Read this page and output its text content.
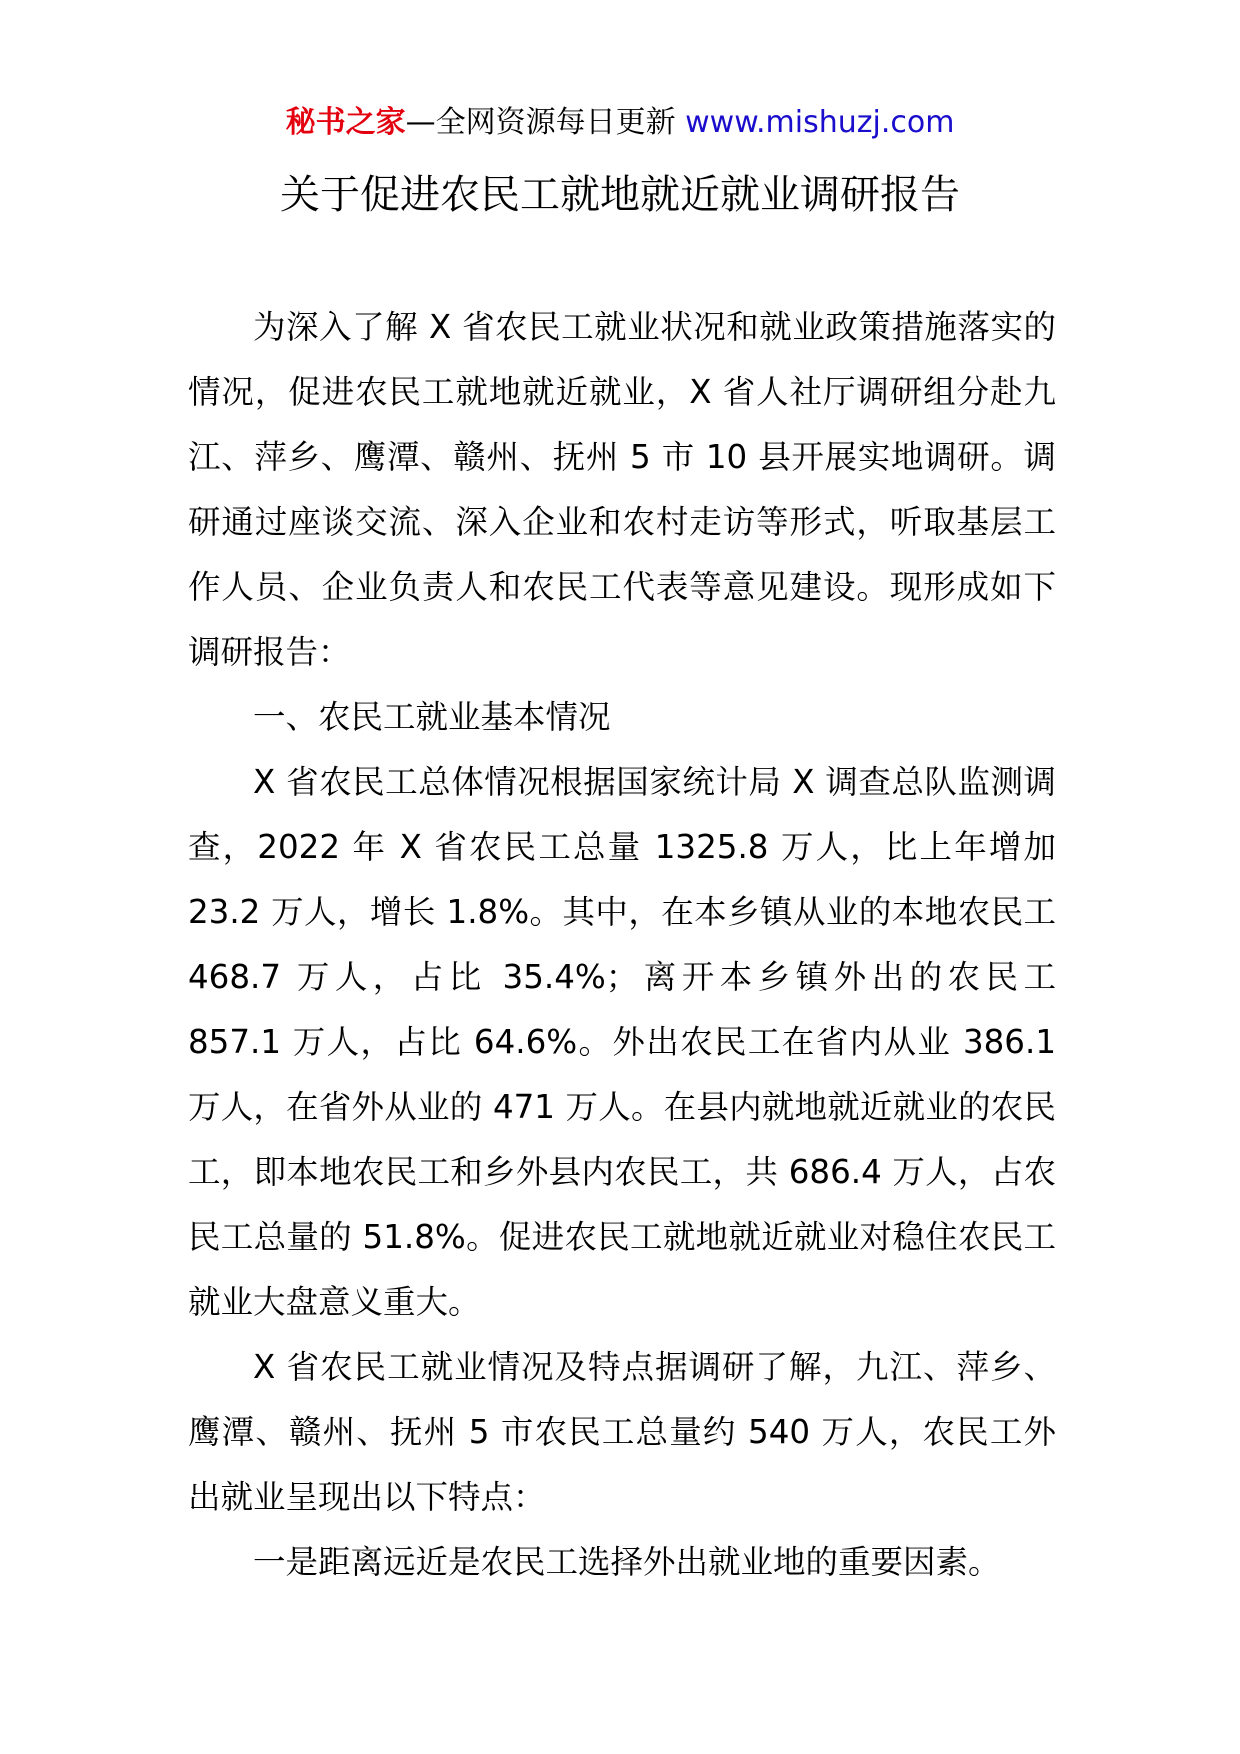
秘书之家—全网资源每日更新 www.mishuzj.com
关于促进农民工就地就近就业调研报告

为深入了解 X 省农民工就业状况和就业政策措施落实的情况，促进农民工就地就近就业，X 省人社厅调研组分赴九江、萍乡、鹰潭、赣州、抚州 5 市 10 县开展实地调研。调研通过座谈交流、深入企业和农村走访等形式，听取基层工作人员、企业负责人和农民工代表等意见建设。现形成如下调研报告：

一、农民工就业基本情况

X 省农民工总体情况根据国家统计局 X 调查总队监测调查，2022 年 X 省农民工总量 1325.8 万人，比上年增加 23.2 万人，增长 1.8%。其中，在本乡镇从业的本地农民工 468.7 万人，占比 35.4%；离开本乡镇外出的农民工 857.1 万人，占比 64.6%。外出农民工在省内从业 386.1 万人，在省外从业的 471 万人。在县内就地就近就业的农民工，即本地农民工和乡外县内农民工，共 686.4 万人，占农民工总量的 51.8%。促进农民工就地就近就业对稳住农民工就业大盘意义重大。

X 省农民工就业情况及特点据调研了解，九江、萍乡、鹰潭、赣州、抚州 5 市农民工总量约 540 万人，农民工外出就业呈现出以下特点：

一是距离远近是农民工选择外出就业地的重要因素。
